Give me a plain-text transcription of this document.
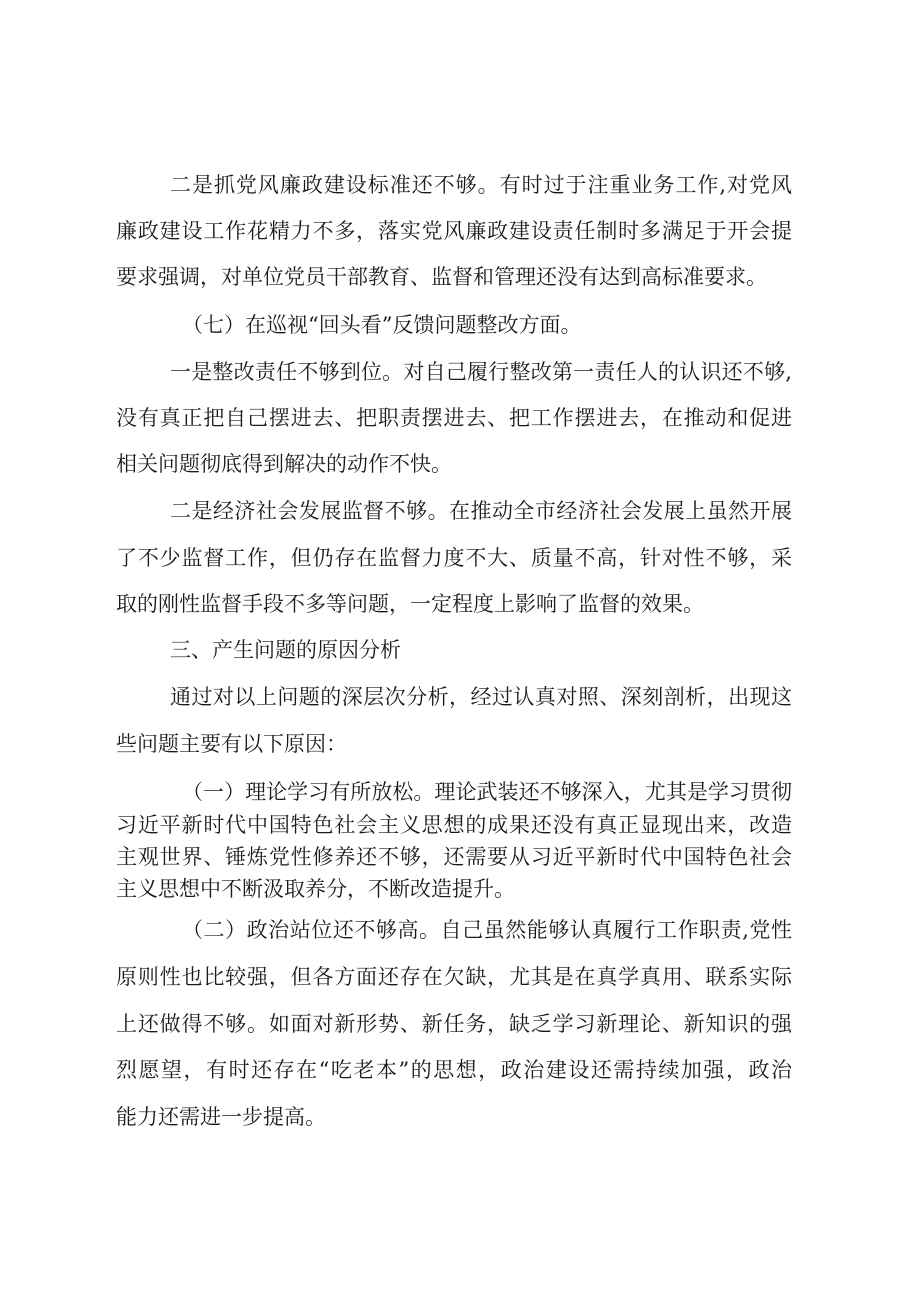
二是抓党风廉政建设标准还不够。有时过于注重业务工作,对党风
廉政建设工作花精力不多，落实党风廉政建设责任制时多满足于开会提
要求强调，对单位党员干部教育、监督和管理还没有达到高标准要求。
（七）在巡视“回头看”反馈问题整改方面。
一是整改责任不够到位。对自己履行整改第一责任人的认识还不够,
没有真正把自己摆进去、把职责摆进去、把工作摆进去，在推动和促进
相关问题彻底得到解决的动作不快。
二是经济社会发展监督不够。在推动全市经济社会发展上虽然开展
了不少监督工作，但仍存在监督力度不大、质量不高，针对性不够，采
取的刚性监督手段不多等问题，一定程度上影响了监督的效果。
三、产生问题的原因分析
通过对以上问题的深层次分析，经过认真对照、深刻剖析，出现这
些问题主要有以下原因：
（一）理论学习有所放松。理论武装还不够深入，尤其是学习贯彻
习近平新时代中国特色社会主义思想的成果还没有真正显现出来，改造
主观世界、锤炼党性修养还不够，还需要从习近平新时代中国特色社会
主义思想中不断汲取养分，不断改造提升。
（二）政治站位还不够高。自己虽然能够认真履行工作职责,党性
原则性也比较强，但各方面还存在欠缺，尤其是在真学真用、联系实际
上还做得不够。如面对新形势、新任务，缺乏学习新理论、新知识的强
烈愿望，有时还存在“吃老本”的思想，政治建设还需持续加强，政治
能力还需进一步提高。
